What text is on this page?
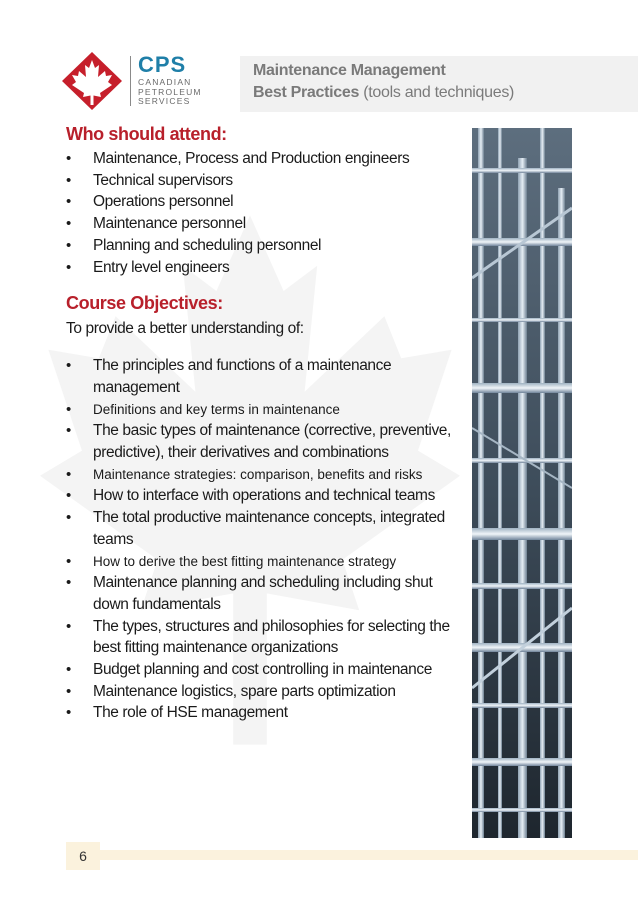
CPS
CANADIAN
PETROLEUM
SERVICES
Maintenance Management
Best Practices (tools and techniques)
Who should attend:
• Maintenance, Process and Production engineers
• Technical supervisors
• Operations personnel
• Maintenance personnel
• Planning and scheduling personnel
• Entry level engineers
Course Objectives:
To provide a better understanding of:
• The principles and functions of a maintenance management
• Definitions and key terms in maintenance
• The basic types of maintenance (corrective, preventive, predictive), their derivatives and combinations
• Maintenance strategies: comparison, benefits and risks
• How to interface with operations and technical teams
• The total productive maintenance concepts, integrated teams
• How to derive the best fitting maintenance strategy
• Maintenance planning and scheduling including shut down fundamentals
• The types, structures and philosophies for selecting the best fitting maintenance organizations
• Budget planning and cost controlling in maintenance
• Maintenance logistics, spare parts optimization
• The role of HSE management
6
